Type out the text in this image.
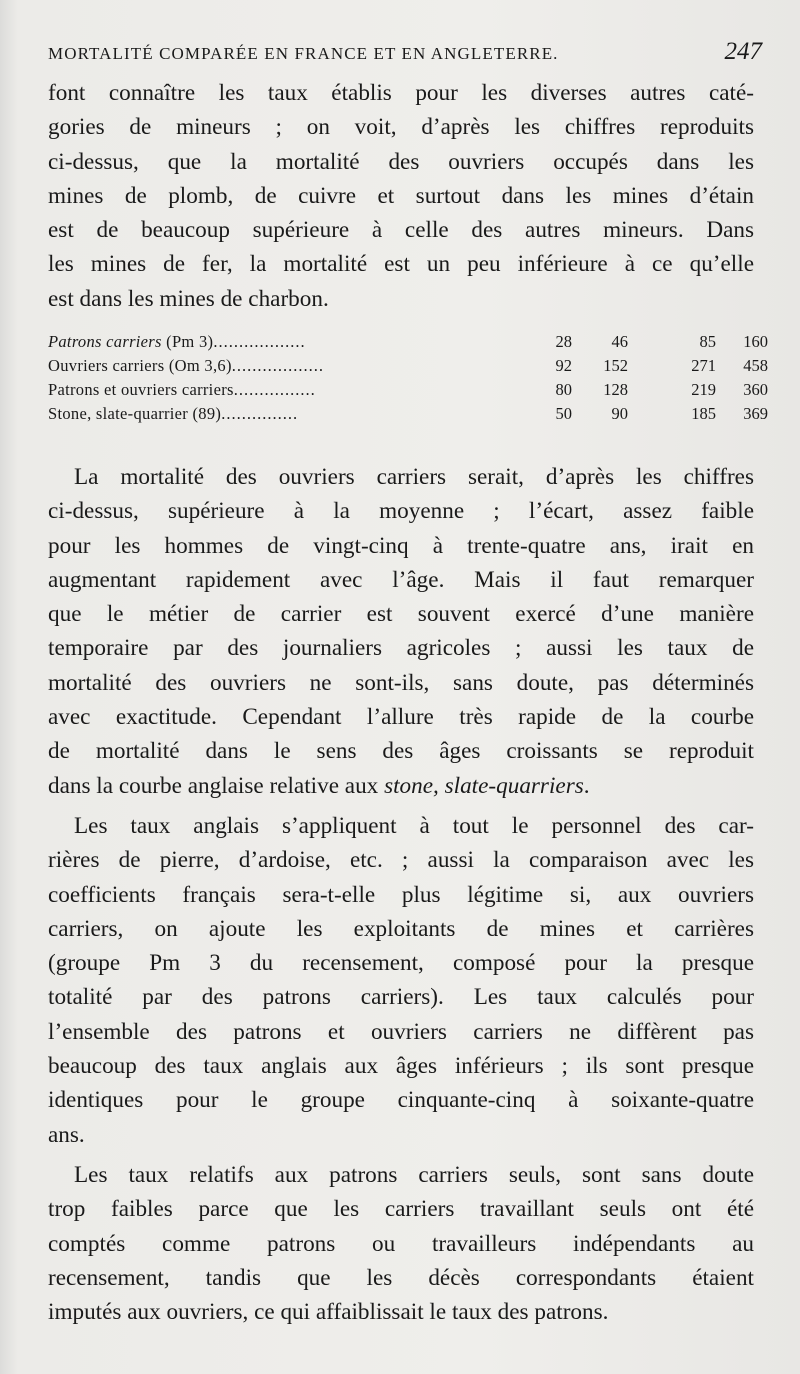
MORTALITÉ COMPARÉE EN FRANCE ET EN ANGLETERRE.	247
font connaître les taux établis pour les diverses autres caté-
gories de mineurs ; on voit, d’après les chiffres reproduits
ci-dessus, que la mortalité des ouvriers occupés dans les
mines de plomb, de cuivre et surtout dans les mines d’étain
est de beaucoup supérieure à celle des autres mineurs. Dans
les mines de fer, la mortalité est un peu inférieure à ce qu’elle
est dans les mines de charbon.
Patrons carriers (Pm 3)..................	28	46	85	160
Ouvriers carriers (Om 3,6)..................	92	152	271	458
Patrons et ouvriers carriers................	80	128	219	360
Stone, slate-quarrier (89)...............	50	90	185	369
La mortalité des ouvriers carriers serait, d’après les chiffres
ci-dessus, supérieure à la moyenne ; l’écart, assez faible
pour les hommes de vingt-cinq à trente-quatre ans, irait en
augmentant rapidement avec l’âge. Mais il faut remarquer
que le métier de carrier est souvent exercé d’une manière
temporaire par des journaliers agricoles ; aussi les taux de
mortalité des ouvriers ne sont-ils, sans doute, pas déterminés
avec exactitude. Cependant l’allure très rapide de la courbe
de mortalité dans le sens des âges croissants se reproduit
dans la courbe anglaise relative aux stone, slate-quarriers.
Les taux anglais s’appliquent à tout le personnel des car-
rières de pierre, d’ardoise, etc. ; aussi la comparaison avec les
coefficients français sera-t-elle plus légitime si, aux ouvriers
carriers, on ajoute les exploitants de mines et carrières
(groupe Pm 3 du recensement, composé pour la presque
totalité par des patrons carriers). Les taux calculés pour
l’ensemble des patrons et ouvriers carriers ne diffèrent pas
beaucoup des taux anglais aux âges inférieurs ; ils sont presque
identiques pour le groupe cinquante-cinq à soixante-quatre
ans.
Les taux relatifs aux patrons carriers seuls, sont sans doute
trop faibles parce que les carriers travaillant seuls ont été
comptés comme patrons ou travailleurs indépendants au
recensement, tandis que les décès correspondants étaient
imputés aux ouvriers, ce qui affaiblissait le taux des patrons.
